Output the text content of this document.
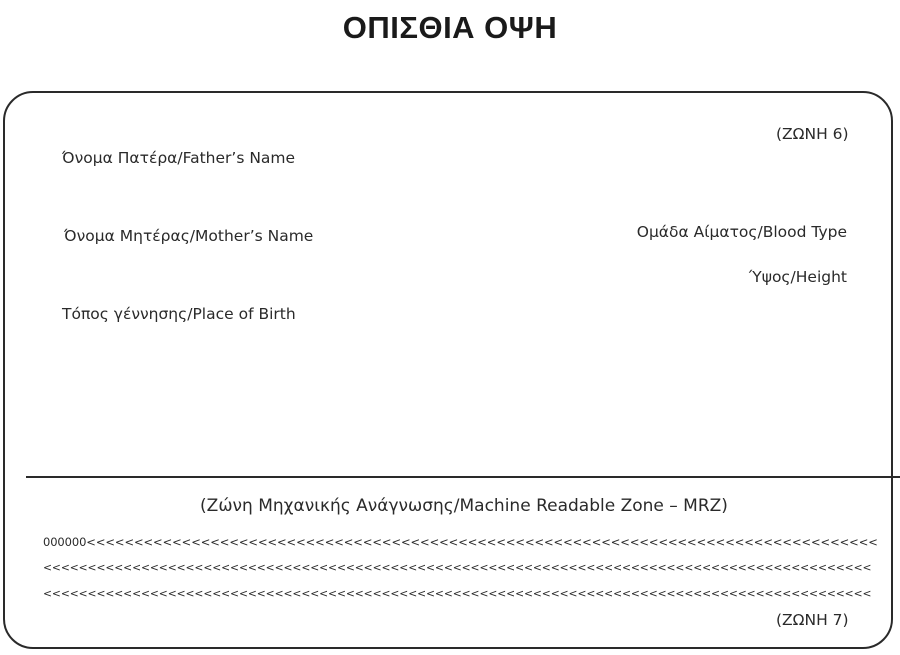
ΟΠΙΣΘΙΑ ΟΨΗ
(ΖΩΝΗ 6)
Όνομα Πατέρα/Father’s Name
Όνομα Μητέρας/Mother’s Name	Ομάδα Αίματος/Blood Type
Ύψος/Height
Τόπος γέννησης/Place of Birth
(Ζώνη Μηχανικής Ανάγνωσης/Machine Readable Zone – MRZ)
000000<<<<<<<<<<<<<<<<<<<<<<<<<<<<<<<<<<<<<<<<<<<<<<<<<<<<<<<<<<<<<<<<<<<<<<<<<<<<<<<<<<<
<<<<<<<<<<<<<<<<<<<<<<<<<<<<<<<<<<<<<<<<<<<<<<<<<<<<<<<<<<<<<<<<<<<<<<<<<<<<<<<<<<<<<<<<<<<<<
<<<<<<<<<<<<<<<<<<<<<<<<<<<<<<<<<<<<<<<<<<<<<<<<<<<<<<<<<<<<<<<<<<<<<<<<<<<<<<<<<<<<<<<<<<<<<
(ΖΩΝΗ 7)
